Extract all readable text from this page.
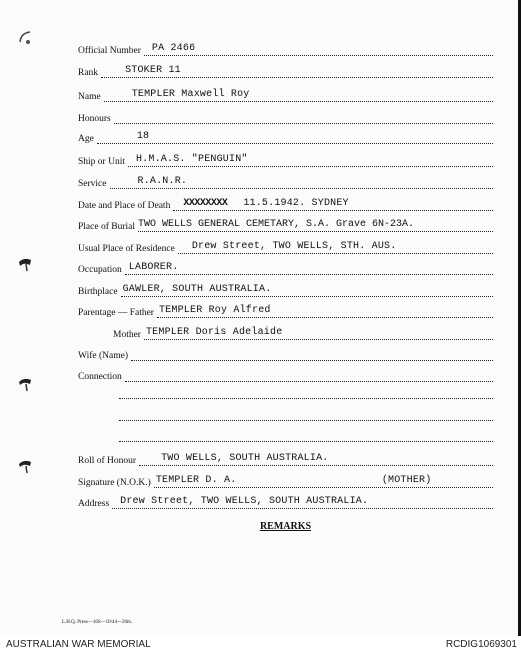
Official Number	PA 2466
Rank	STOKER 11
Name	TEMPLER Maxwell Roy
Honours
Age	18
Ship or Unit	H.M.A.S. "PENGUIN"
Service	R.A.N.R.
Date and Place of Death	XXXXXXXX 11.5.1942. SYDNEY
Place of Burial TWO WELLS GENERAL CEMETARY, S.A. Grave 6N-23A.
Usual Place of Residence	Drew Street, TWO WELLS, STH. AUS.
Occupation LABORER.
Birthplace GAWLER, SOUTH AUSTRALIA.
Parentage — Father TEMPLER Roy Alfred
Mother TEMPLER Doris Adelaide
Wife (Name)
Connection
Roll of Honour	TWO WELLS, SOUTH AUSTRALIA.
Signature (N.O.K.) TEMPLER D. A.	(MOTHER)
Address	Drew Street, TWO WELLS, SOUTH AUSTRALIA.
REMARKS
L.H.Q. Press—16S—10/44—20m.
AUSTRALIAN WAR MEMORIAL	RCDIG1069301
